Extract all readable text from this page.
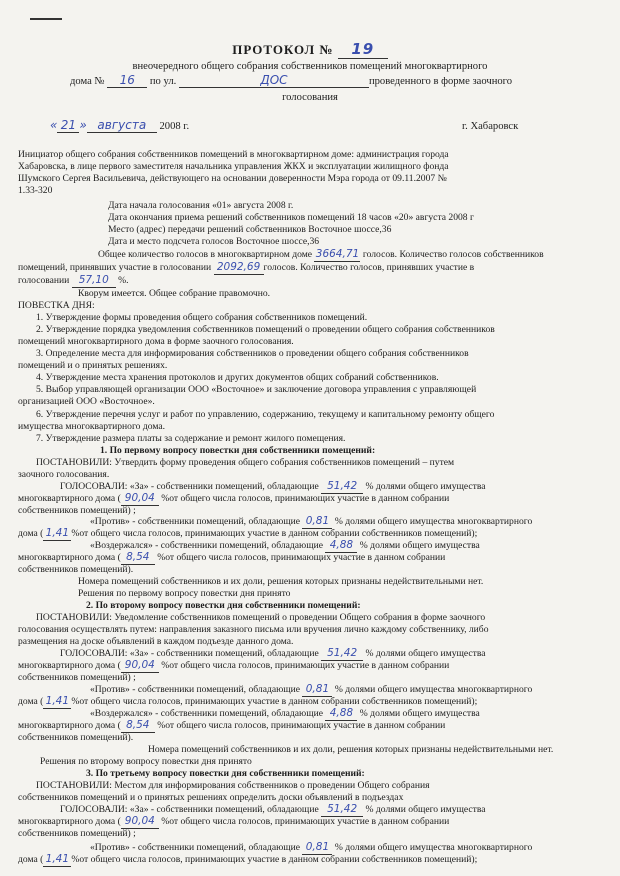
ПРОТОКОЛ № 19
внеочередного общего собрания собственников помещений многоквартирного
дома № 16 по ул.	ДОС	проведенного в форме заочного
голосования
« 21 » августа 2008 г.	г. Хабаровск
Инициатор общего собрания собственников помещений в многоквартирном доме: администрация города
Хабаровска, в лице первого заместителя начальника управления ЖКХ и эксплуатации жилищного фонда
Шумского Сергея Васильевича, действующего на основании доверенности Мэра города от 09.11.2007 №
1.33-320
Дата начала голосования «01» августа 2008 г.
Дата окончания приема решений собственников помещений 18 часов «20» августа 2008 г
Место (адрес) передачи решений собственников Восточное шоссе,36
Дата и место подсчета голосов Восточное шоссе,36
Общее количество голосов в многоквартирном доме 3664,71 голосов. Количество голосов собственников
помещений, принявших участие в голосовании 2092,69 голосов. Количество голосов, принявших участие в
голосовании 57,10 %.
Кворум имеется. Общее собрание правомочно.
ПОВЕСТКА ДНЯ:
1. Утверждение формы проведения общего собрания собственников помещений.
2. Утверждение порядка уведомления собственников помещений о проведении общего собрания собственников
помещений многоквартирного дома в форме заочного голосования.
3. Определение места для информирования собственников о проведении общего собрания собственников
помещений и о принятых решениях.
4. Утверждение места хранения протоколов и других документов общих собраний собственников.
5. Выбор управляющей организации ООО «Восточное» и заключение договора управления с управляющей
организацией ООО «Восточное».
6. Утверждение перечня услуг и работ по управлению, содержанию, текущему и капитальному ремонту общего
имущества многоквартирного дома.
7. Утверждение размера платы за содержание и ремонт жилого помещения.
1. По первому вопросу повестки дня собственники помещений:
ПОСТАНОВИЛИ: Утвердить форму проведения общего собрания собственников помещений – путем
заочного голосования.
ГОЛОСОВАЛИ: «За» - собственники помещений, обладающие 51,42 % долями общего имущества
многоквартирного дома ( 90,04 %от общего числа голосов, принимающих участие в данном собрании
собственников помещений) ;
«Против» - собственники помещений, обладающие 0,81 % долями общего имущества многоквартирного
дома ( 1,41 %от общего числа голосов, принимающих участие в данном собрании собственников помещений);
«Воздержался» - собственники помещений, обладающие 4,88 % долями общего имущества
многоквартирного дома ( 8,54 %от общего числа голосов, принимающих участие в данном собрании
собственников помещений).
Номера помещений собственников и их доли, решения которых признаны недействительными нет.
Решения по первому вопросу повестки дня принято
2. По второму вопросу повестки дня собственники помещений:
ПОСТАНОВИЛИ: Уведомление собственников помещений о проведении Общего собрания в форме заочного
голосования осуществлять путем: направления заказного письма или вручения лично каждому собственнику, либо
размещения на доске объявлений в каждом подъезде данного дома.
ГОЛОСОВАЛИ: «За» - собственники помещений, обладающие 51,42 % долями общего имущества
многоквартирного дома ( 90,04 %от общего числа голосов, принимающих участие в данном собрании
собственников помещений) ;
«Против» - собственники помещений, обладающие 0,81 % долями общего имущества многоквартирного
дома ( 1,41 %от общего числа голосов, принимающих участие в данном собрании собственников помещений);
«Воздержался» - собственники помещений, обладающие 4,88 % долями общего имущества
многоквартирного дома ( 8,54 %от общего числа голосов, принимающих участие в данном собрании
собственников помещений).
Номера помещений собственников и их доли, решения которых признаны недействительными нет.
Решения по второму вопросу повестки дня принято
3. По третьему вопросу повестки дня собственники помещений:
ПОСТАНОВИЛИ: Местом для информирования собственников о проведении Общего собрания
собственников помещений и о принятых решениях определить доски объявлений в подъездах
ГОЛОСОВАЛИ: «За» - собственники помещений, обладающие 51,42 % долями общего имущества
многоквартирного дома ( 90,04 %от общего числа голосов, принимающих участие в данном собрании
собственников помещений) ;
«Против» - собственники помещений, обладающие 0,81 % долями общего имущества многоквартирного
дома ( 1,41 %от общего числа голосов, принимающих участие в данном собрании собственников помещений);
